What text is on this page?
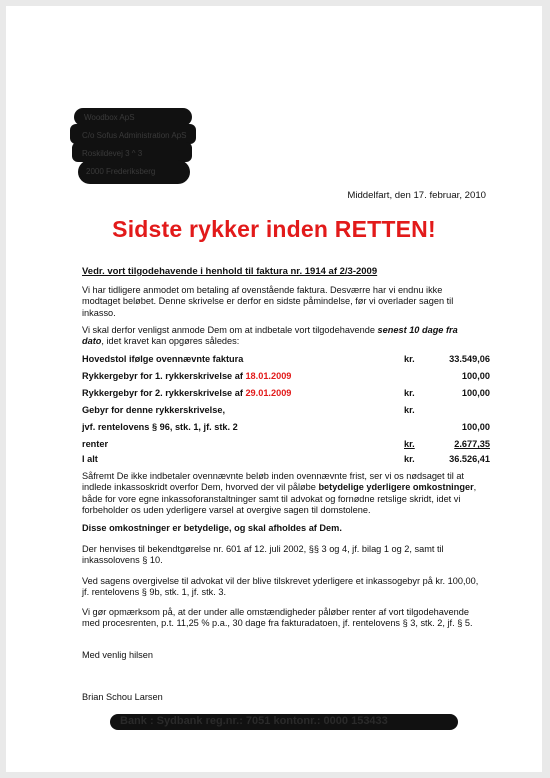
Woodbox ApS
C/o Sofus Administration ApS
Roskildevej 3 ^ 3
2000 Frederiksberg
Middelfart, den 17. februar, 2010
Sidste rykker inden RETTEN!
Vedr. vort tilgodehavende i henhold til faktura nr. 1914 af 2/3-2009
Vi har tidligere anmodet om betaling af ovenstående faktura. Desværre har vi endnu ikke modtaget beløbet. Denne skrivelse er derfor en sidste påmindelse, før vi overlader sagen til inkasso.
Vi skal derfor venligst anmode Dem om at indbetale vort tilgodehavende senest 10 dage fra dato, idet kravet kan opgøres således:
Hovedstol ifølge ovennævnte faktura	kr.	33.549,06
Rykkergebyr for 1. rykkerskrivelse af 18.01.2009	100,00
Rykkergebyr for 2. rykkerskrivelse af 29.01.2009	kr.	100,00
Gebyr for denne rykkerskrivelse,	kr.
jvf. rentelovens § 96, stk. 1, jf. stk. 2	100,00
renter	kr.	2.677,35
I alt	kr.	36.526,41
Såfremt De ikke indbetaler ovennævnte beløb inden ovennævnte frist, ser vi os nødsaget til at indlede inkassoskridt overfor Dem, hvorved der vil påløbe betydelige yderligere omkostninger, både for vore egne inkassoforanstaltninger samt til advokat og fornødne retslige skridt, idet vi forbeholder os uden yderligere varsel at overgive sagen til domstolene.
Disse omkostninger er betydelige, og skal afholdes af Dem.
Der henvises til bekendtgørelse nr. 601 af 12. juli 2002, §§ 3 og 4, jf. bilag 1 og 2, samt til inkassolovens § 10.
Ved sagens overgivelse til advokat vil der blive tilskrevet yderligere et inkassogebyr på kr. 100,00, jf. rentelovens § 9b, stk. 1, jf. stk. 3.
Vi gør opmærksom på, at der under alle omstændigheder påløber renter af vort tilgodehavende med procesrenten, p.t. 11,25 % p.a., 30 dage fra fakturadatoen, jf. rentelovens § 3, stk. 2, jf. § 5.
Med venlig hilsen
Brian Schou Larsen
Bank : Sydbank reg.nr.: 7051 kontonr.: 0000 153433
